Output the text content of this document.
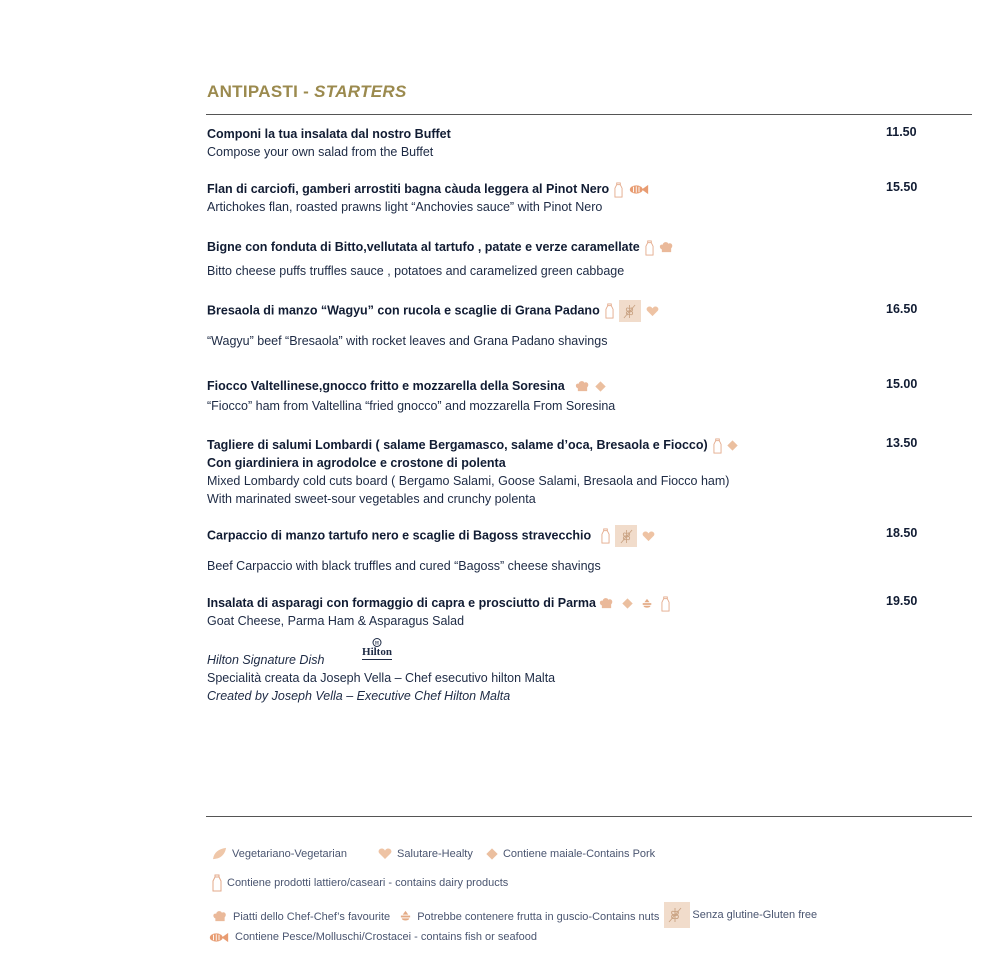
ANTIPASTI - STARTERS
Componi la tua insalata dal nostro Buffet
Compose your own salad from the Buffet
11.50
Flan di carciofi, gamberi arrostiti bagna càuda leggera al Pinot Nero
Artichokes flan, roasted prawns light “Anchovies sauce” with Pinot Nero
15.50
Bigne con fonduta di Bitto,vellutata al tartufo , patate e verze caramellate
Bitto cheese puffs truffles sauce , potatoes and caramelized green cabbage
Bresaola di manzo “Wagyu” con rucola e scaglie di Grana Padano
“Wagyu” beef “Bresaola” with rocket leaves and Grana Padano shavings
16.50
Fiocco Valtellinese,gnocco fritto e mozzarella della Soresina
“Fiocco” ham from Valtellina “fried gnocco” and mozzarella From Soresina
15.00
Tagliere di salumi Lombardi ( salame Bergamasco, salame d’oca, Bresaola e Fiocco)
Con giardiniera in agrodolce e crostone di polenta
Mixed Lombardy cold cuts board ( Bergamo Salami, Goose Salami, Bresaola and Fiocco ham)
With marinated sweet-sour vegetables and crunchy polenta
13.50
Carpaccio di manzo tartufo nero e scaglie di Bagoss stravecchio
Beef Carpaccio with black truffles and cured “Bagoss” cheese shavings
18.50
Insalata di asparagi con formaggio di capra e prosciutto di Parma
Goat Cheese, Parma Ham & Asparagus Salad
19.50
H
Hilton
Hilton Signature Dish
Specialità creata da Joseph Vella – Chef esecutivo hilton Malta
Created by Joseph Vella – Executive Chef Hilton Malta
Vegetariano-Vegetarian
	Salutare-Healty
	Contiene maiale-Contains Pork
Contiene prodotti lattiero/caseari - contains dairy products
Piatti dello Chef-Chef’s favourite
Potrebbe contenere frutta in guscio-Contains nuts
	Senza glutine-Gluten free
Contiene Pesce/Molluschi/Crostacei - contains fish or seafood
